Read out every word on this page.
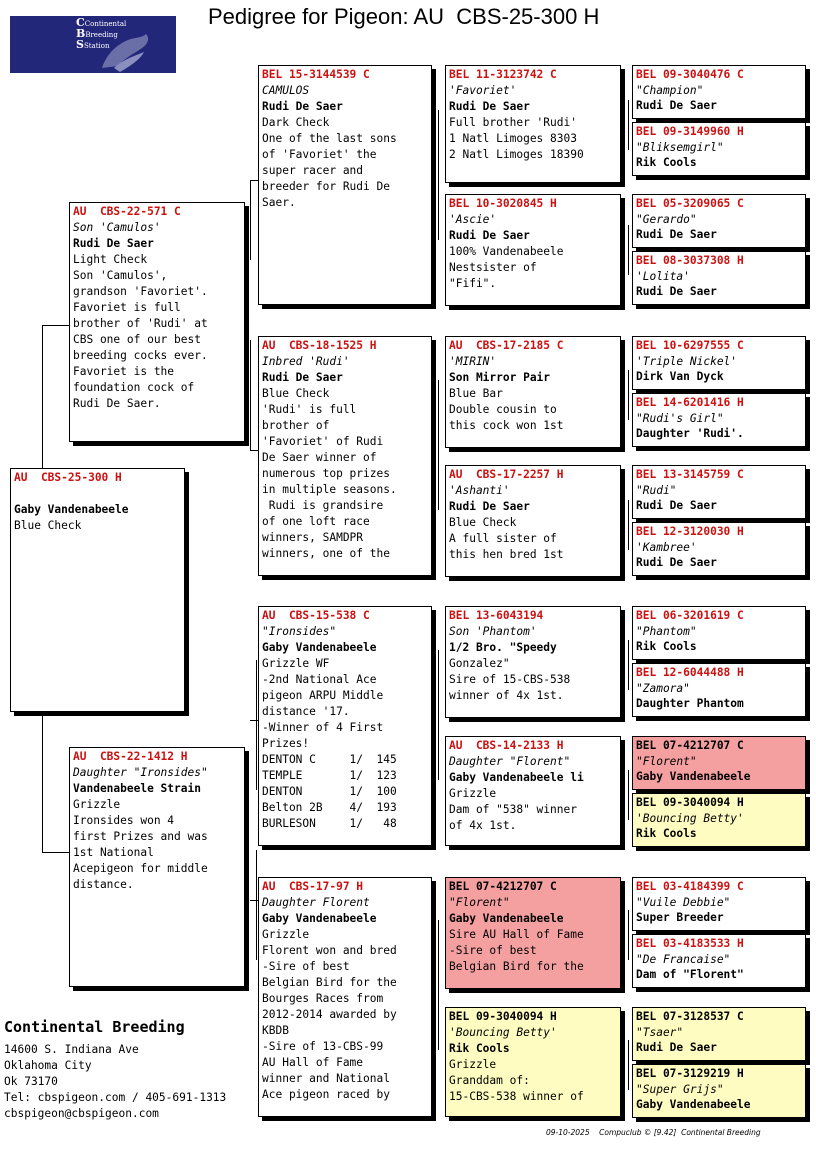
Pedigree for Pigeon: AU  CBS-25-300 H
CContinental
BBreeding
SStation
AU  CBS-25-300 H
Gaby Vandenabeele
Blue Check
AU  CBS-22-571 C
Son 'Camulos'
Rudi De Saer
Light Check
Son 'Camulos',
grandson 'Favoriet'.
Favoriet is full
brother of 'Rudi' at
CBS one of our best
breeding cocks ever.
Favoriet is the
foundation cock of
Rudi De Saer.
AU  CBS-22-1412 H
Daughter "Ironsides"
Vandenabeele Strain
Grizzle
Ironsides won 4
first Prizes and was
1st National
Acepigeon for middle
distance.
BEL 15-3144539 C
CAMULOS
Rudi De Saer
Dark Check
One of the last sons
of 'Favoriet' the
super racer and
breeder for Rudi De
Saer.
AU  CBS-18-1525 H
Inbred 'Rudi'
Rudi De Saer
Blue Check
'Rudi' is full
brother of
'Favoriet' of Rudi
De Saer winner of
numerous top prizes
in multiple seasons.
Rudi is grandsire
of one loft race
winners, SAMDPR
winners, one of the
AU  CBS-15-538 C
"Ironsides"
Gaby Vandenabeele
Grizzle WF
-2nd National Ace
pigeon ARPU Middle
distance '17.
-Winner of 4 First
Prizes!
DENTON C     1/  145
TEMPLE       1/  123
DENTON       1/  100
Belton 2B    4/  193
BURLESON     1/   48
AU  CBS-17-97 H
Daughter Florent
Gaby Vandenabeele
Grizzle
Florent won and bred
-Sire of best
Belgian Bird for the
Bourges Races from
2012-2014 awarded by
KBDB
-Sire of 13-CBS-99
AU Hall of Fame
winner and National
Ace pigeon raced by
BEL 11-3123742 C
'Favoriet'
Rudi De Saer
Full brother 'Rudi'
1 Natl Limoges 8303
2 Natl Limoges 18390
BEL 10-3020845 H
'Ascie'
Rudi De Saer
100% Vandenabeele
Nestsister of
"Fifi".
AU  CBS-17-2185 C
'MIRIN'
Son Mirror Pair
Blue Bar
Double cousin to
this cock won 1st
AU  CBS-17-2257 H
'Ashanti'
Rudi De Saer
Blue Check
A full sister of
this hen bred 1st
BEL 13-6043194
Son 'Phantom'
1/2 Bro. "Speedy
Gonzalez"
Sire of 15-CBS-538
winner of 4x 1st.
AU  CBS-14-2133 H
Daughter "Florent"
Gaby Vandenabeele li
Grizzle
Dam of "538" winner
of 4x 1st.
BEL 07-4212707 C
"Florent"
Gaby Vandenabeele
Sire AU Hall of Fame
-Sire of best
Belgian Bird for the
BEL 09-3040094 H
'Bouncing Betty'
Rik Cools
Grizzle
Granddam of:
15-CBS-538 winner of
BEL 09-3040476 C
"Champion"
Rudi De Saer
BEL 09-3149960 H
"Bliksemgirl"
Rik Cools
BEL 05-3209065 C
"Gerardo"
Rudi De Saer
BEL 08-3037308 H
'Lolita'
Rudi De Saer
BEL 10-6297555 C
'Triple Nickel'
Dirk Van Dyck
BEL 14-6201416 H
"Rudi's Girl"
Daughter 'Rudi'.
BEL 13-3145759 C
"Rudi"
Rudi De Saer
BEL 12-3120030 H
'Kambree'
Rudi De Saer
BEL 06-3201619 C
"Phantom"
Rik Cools
BEL 12-6044488 H
"Zamora"
Daughter Phantom
BEL 07-4212707 C
"Florent"
Gaby Vandenabeele
BEL 09-3040094 H
'Bouncing Betty'
Rik Cools
BEL 03-4184399 C
"Vuile Debbie"
Super Breeder
BEL 03-4183533 H
"De Francaise"
Dam of "Florent"
BEL 07-3128537 C
"Tsaer"
Rudi De Saer
BEL 07-3129219 H
"Super Grijs"
Gaby Vandenabeele
Continental Breeding
14600 S. Indiana Ave
Oklahoma City
Ok 73170
Tel: cbspigeon.com / 405-691-1313
cbspigeon@cbspigeon.com
09-10-2025    Compuclub © [9.42]  Continental Breeding
